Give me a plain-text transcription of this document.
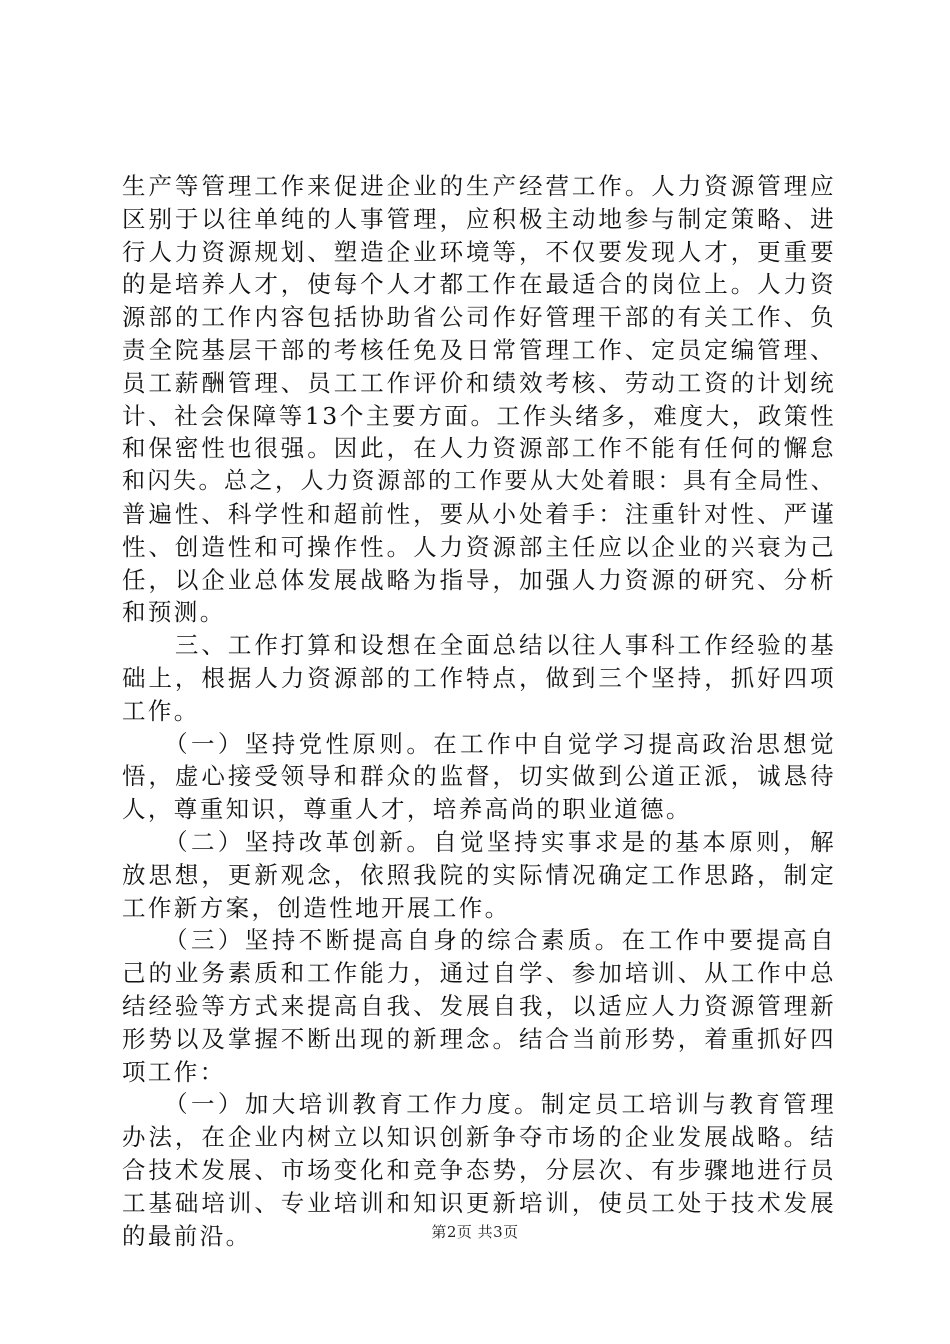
生产等管理工作来促进企业的生产经营工作。人力资源管理应
区别于以往单纯的人事管理，应积极主动地参与制定策略、进
行人力资源规划、塑造企业环境等，不仅要发现人才，更重要
的是培养人才，使每个人才都工作在最适合的岗位上。人力资
源部的工作内容包括协助省公司作好管理干部的有关工作、负
责全院基层干部的考核任免及日常管理工作、定员定编管理、
员工薪酬管理、员工工作评价和绩效考核、劳动工资的计划统
计、社会保障等13个主要方面。工作头绪多，难度大，政策性
和保密性也很强。因此，在人力资源部工作不能有任何的懈怠
和闪失。总之，人力资源部的工作要从大处着眼：具有全局性、
普遍性、科学性和超前性，要从小处着手：注重针对性、严谨
性、创造性和可操作性。人力资源部主任应以企业的兴衰为己
任，以企业总体发展战略为指导，加强人力资源的研究、分析
和预测。
　　三、工作打算和设想在全面总结以往人事科工作经验的基
础上，根据人力资源部的工作特点，做到三个坚持，抓好四项
工作。
　　（一）坚持党性原则。在工作中自觉学习提高政治思想觉
悟，虚心接受领导和群众的监督，切实做到公道正派，诚恳待
人，尊重知识，尊重人才，培养高尚的职业道德。
　　（二）坚持改革创新。自觉坚持实事求是的基本原则，解
放思想，更新观念，依照我院的实际情况确定工作思路，制定
工作新方案，创造性地开展工作。
　　（三）坚持不断提高自身的综合素质。在工作中要提高自
己的业务素质和工作能力，通过自学、参加培训、从工作中总
结经验等方式来提高自我、发展自我，以适应人力资源管理新
形势以及掌握不断出现的新理念。结合当前形势，着重抓好四
项工作：
　　（一）加大培训教育工作力度。制定员工培训与教育管理
办法，在企业内树立以知识创新争夺市场的企业发展战略。结
合技术发展、市场变化和竞争态势，分层次、有步骤地进行员
工基础培训、专业培训和知识更新培训，使员工处于技术发展
的最前沿。	第2页 共3页
